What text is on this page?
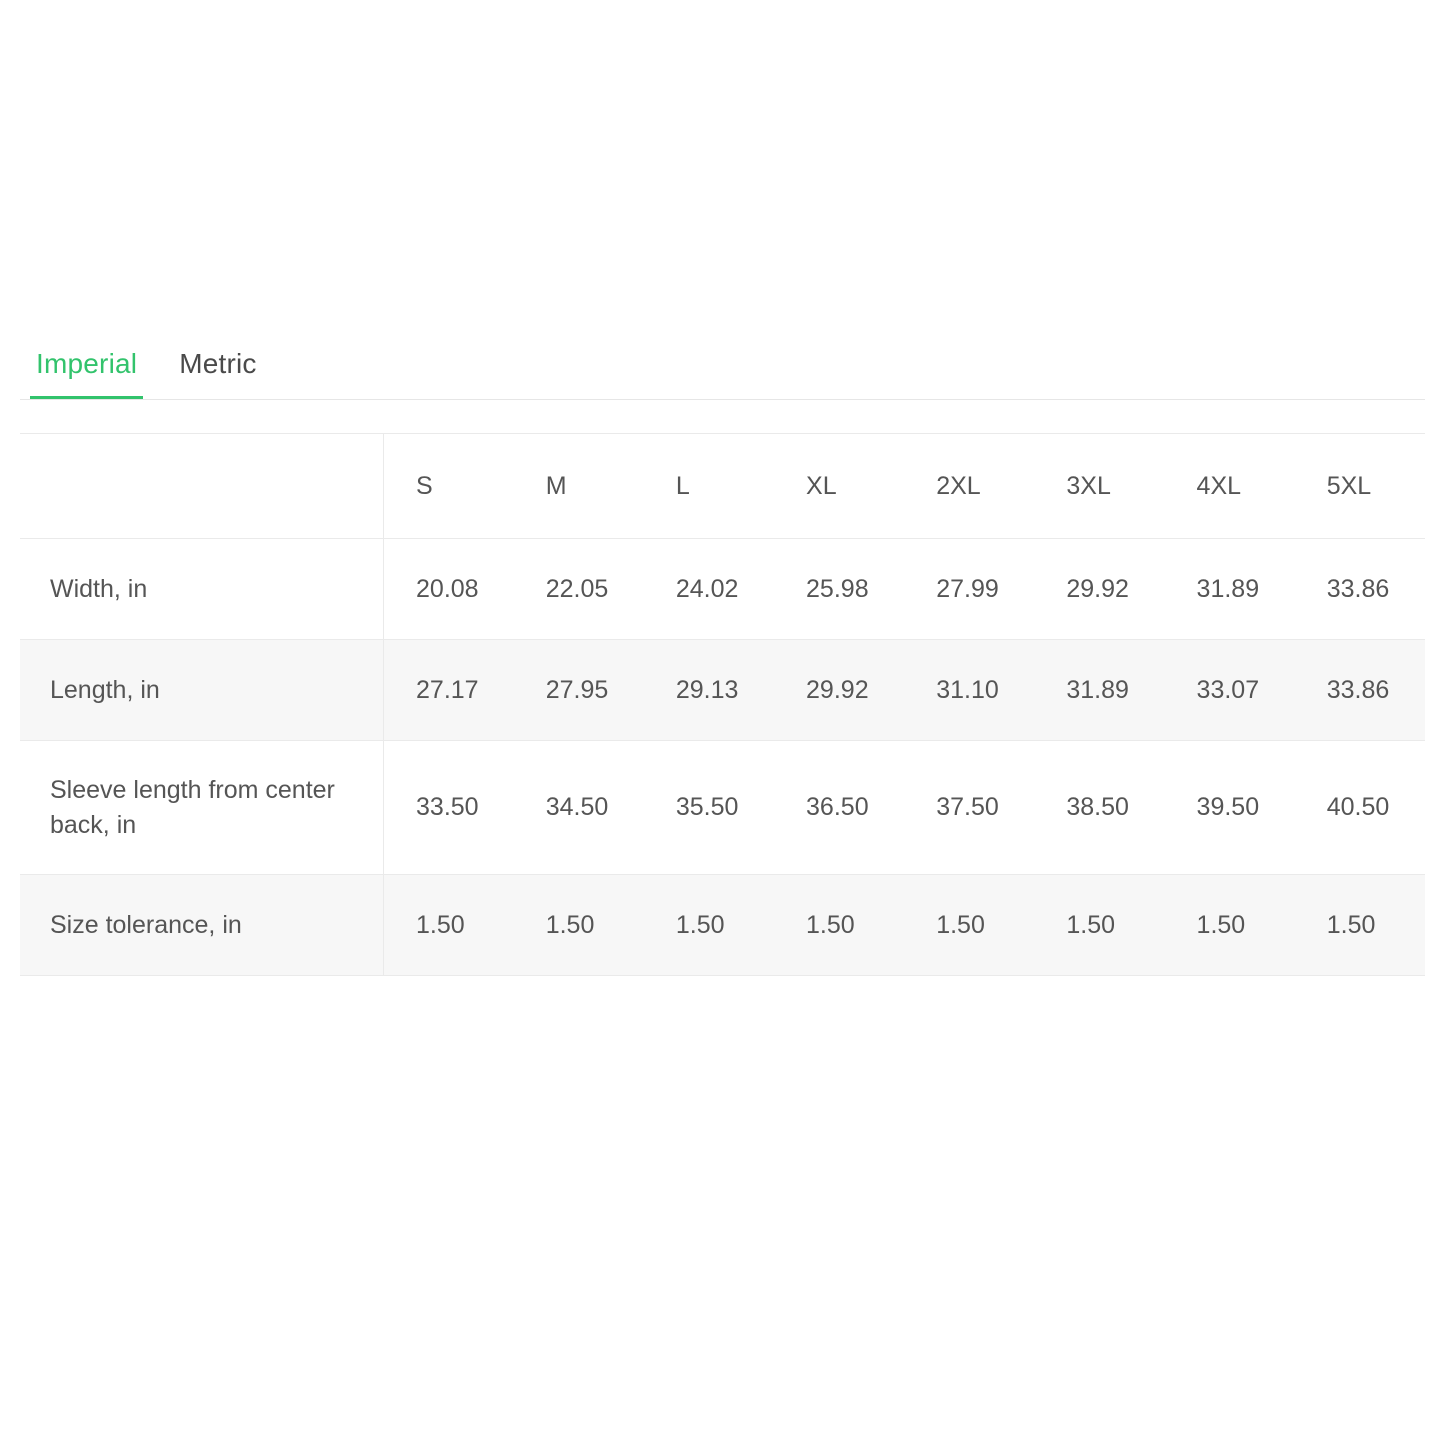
Imperial Metric
	S	M	L	XL	2XL	3XL	4XL	5XL
Width, in	20.08	22.05	24.02	25.98	27.99	29.92	31.89	33.86
Length, in	27.17	27.95	29.13	29.92	31.10	31.89	33.07	33.86
Sleeve length from center back, in	33.50	34.50	35.50	36.50	37.50	38.50	39.50	40.50
Size tolerance, in	1.50	1.50	1.50	1.50	1.50	1.50	1.50	1.50
